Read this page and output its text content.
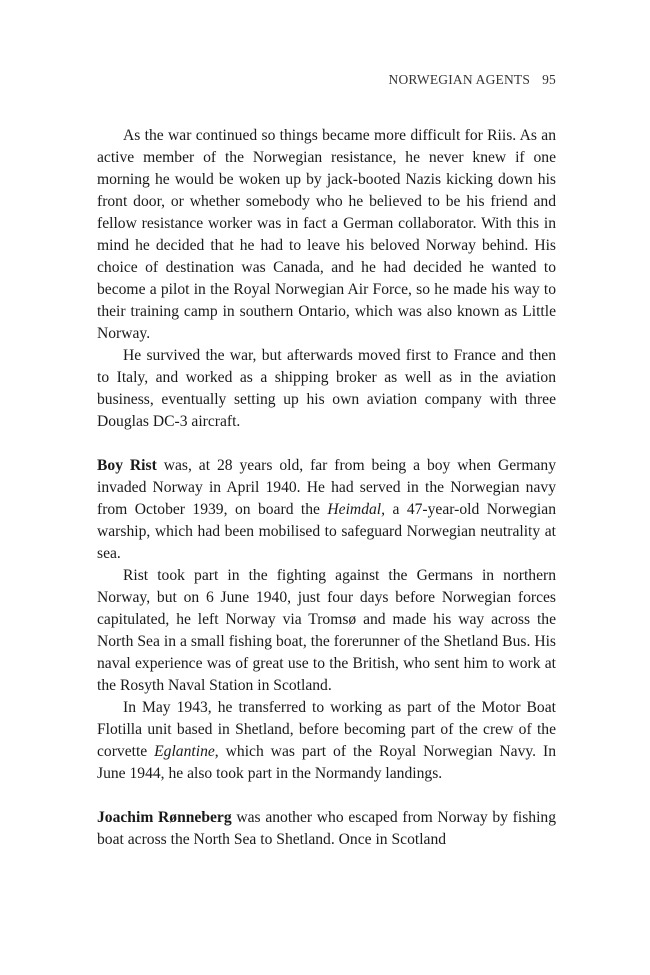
NORWEGIAN AGENTS 95

As the war continued so things became more difficult for Riis. As an active member of the Norwegian resistance, he never knew if one morning he would be woken up by jack-booted Nazis kicking down his front door, or whether somebody who he believed to be his friend and fellow resistance worker was in fact a German collaborator. With this in mind he decided that he had to leave his beloved Norway behind. His choice of destination was Canada, and he had decided he wanted to become a pilot in the Royal Norwegian Air Force, so he made his way to their training camp in southern Ontario, which was also known as Little Norway.

He survived the war, but afterwards moved first to France and then to Italy, and worked as a shipping broker as well as in the aviation business, eventually setting up his own aviation company with three Douglas DC-3 aircraft.

Boy Rist was, at 28 years old, far from being a boy when Germany invaded Norway in April 1940. He had served in the Norwegian navy from October 1939, on board the Heimdal, a 47-year-old Norwegian warship, which had been mobilised to safeguard Norwegian neutrality at sea.

Rist took part in the fighting against the Germans in northern Norway, but on 6 June 1940, just four days before Norwegian forces capitulated, he left Norway via Tromsø and made his way across the North Sea in a small fishing boat, the forerunner of the Shetland Bus. His naval experience was of great use to the British, who sent him to work at the Rosyth Naval Station in Scotland.

In May 1943, he transferred to working as part of the Motor Boat Flotilla unit based in Shetland, before becoming part of the crew of the corvette Eglantine, which was part of the Royal Norwegian Navy. In June 1944, he also took part in the Normandy landings.

Joachim Rønneberg was another who escaped from Norway by fishing boat across the North Sea to Shetland. Once in Scotland
